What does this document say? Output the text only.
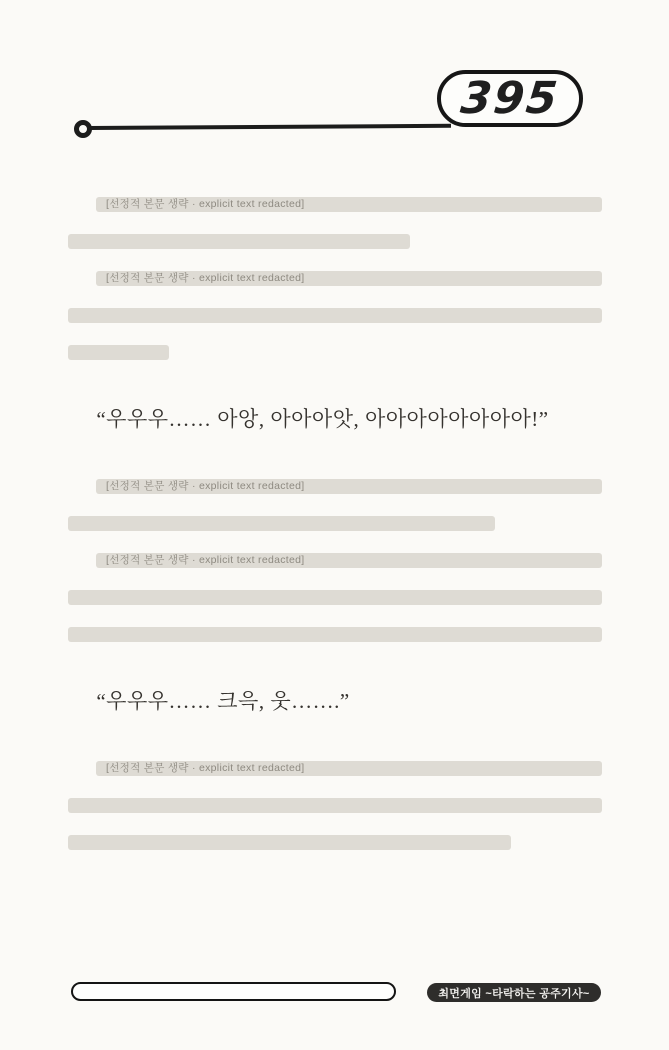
395
[선정적 본문 생략 · explicit text redacted]
[선정적 본문 생략 · explicit text redacted]

“우우우…… 아앙, 아아아앗, 아아아아아아아아!”

[선정적 본문 생략 · explicit text redacted]
[선정적 본문 생략 · explicit text redacted]

“우우우…… 크윽, 웃…….”

[선정적 본문 생략 · explicit text redacted]
최면게임 ~타락하는 공주기사~
